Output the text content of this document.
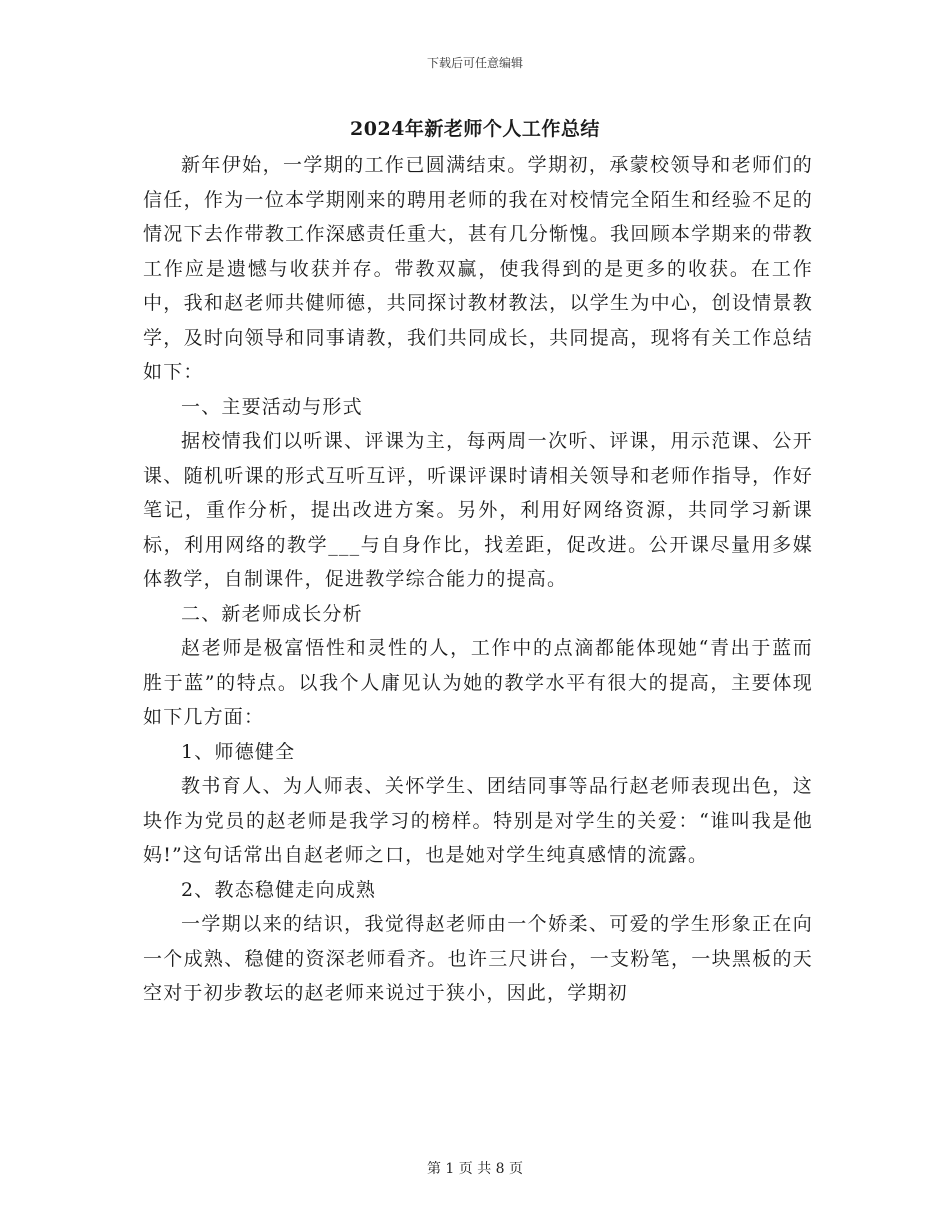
下载后可任意编辑
2024年新老师个人工作总结

新年伊始，一学期的工作已圆满结束。学期初，承蒙校领导和老师们的信任，作为一位本学期刚来的聘用老师的我在对校情完全陌生和经验不足的情况下去作带教工作深感责任重大，甚有几分惭愧。我回顾本学期来的带教工作应是遗憾与收获并存。带教双赢，使我得到的是更多的收获。在工作中，我和赵老师共健师德，共同探讨教材教法，以学生为中心，创设情景教学，及时向领导和同事请教，我们共同成长，共同提高，现将有关工作总结如下：

一、主要活动与形式

据校情我们以听课、评课为主，每两周一次听、评课，用示范课、公开课、随机听课的形式互听互评，听课评课时请相关领导和老师作指导，作好笔记，重作分析，提出改进方案。另外，利用好网络资源，共同学习新课标，利用网络的教学___与自身作比，找差距，促改进。公开课尽量用多媒体教学，自制课件，促进教学综合能力的提高。

二、新老师成长分析

赵老师是极富悟性和灵性的人，工作中的点滴都能体现她“青出于蓝而胜于蓝”的特点。以我个人庸见认为她的教学水平有很大的提高，主要体现如下几方面：

1、师德健全

教书育人、为人师表、关怀学生、团结同事等品行赵老师表现出色，这块作为党员的赵老师是我学习的榜样。特别是对学生的关爱：“谁叫我是他妈!”这句话常出自赵老师之口，也是她对学生纯真感情的流露。

2、教态稳健走向成熟

一学期以来的结识，我觉得赵老师由一个娇柔、可爱的学生形象正在向一个成熟、稳健的资深老师看齐。也许三尺讲台，一支粉笔，一块黑板的天空对于初步教坛的赵老师来说过于狭小，因此，学期初

第 1 页 共 8 页
